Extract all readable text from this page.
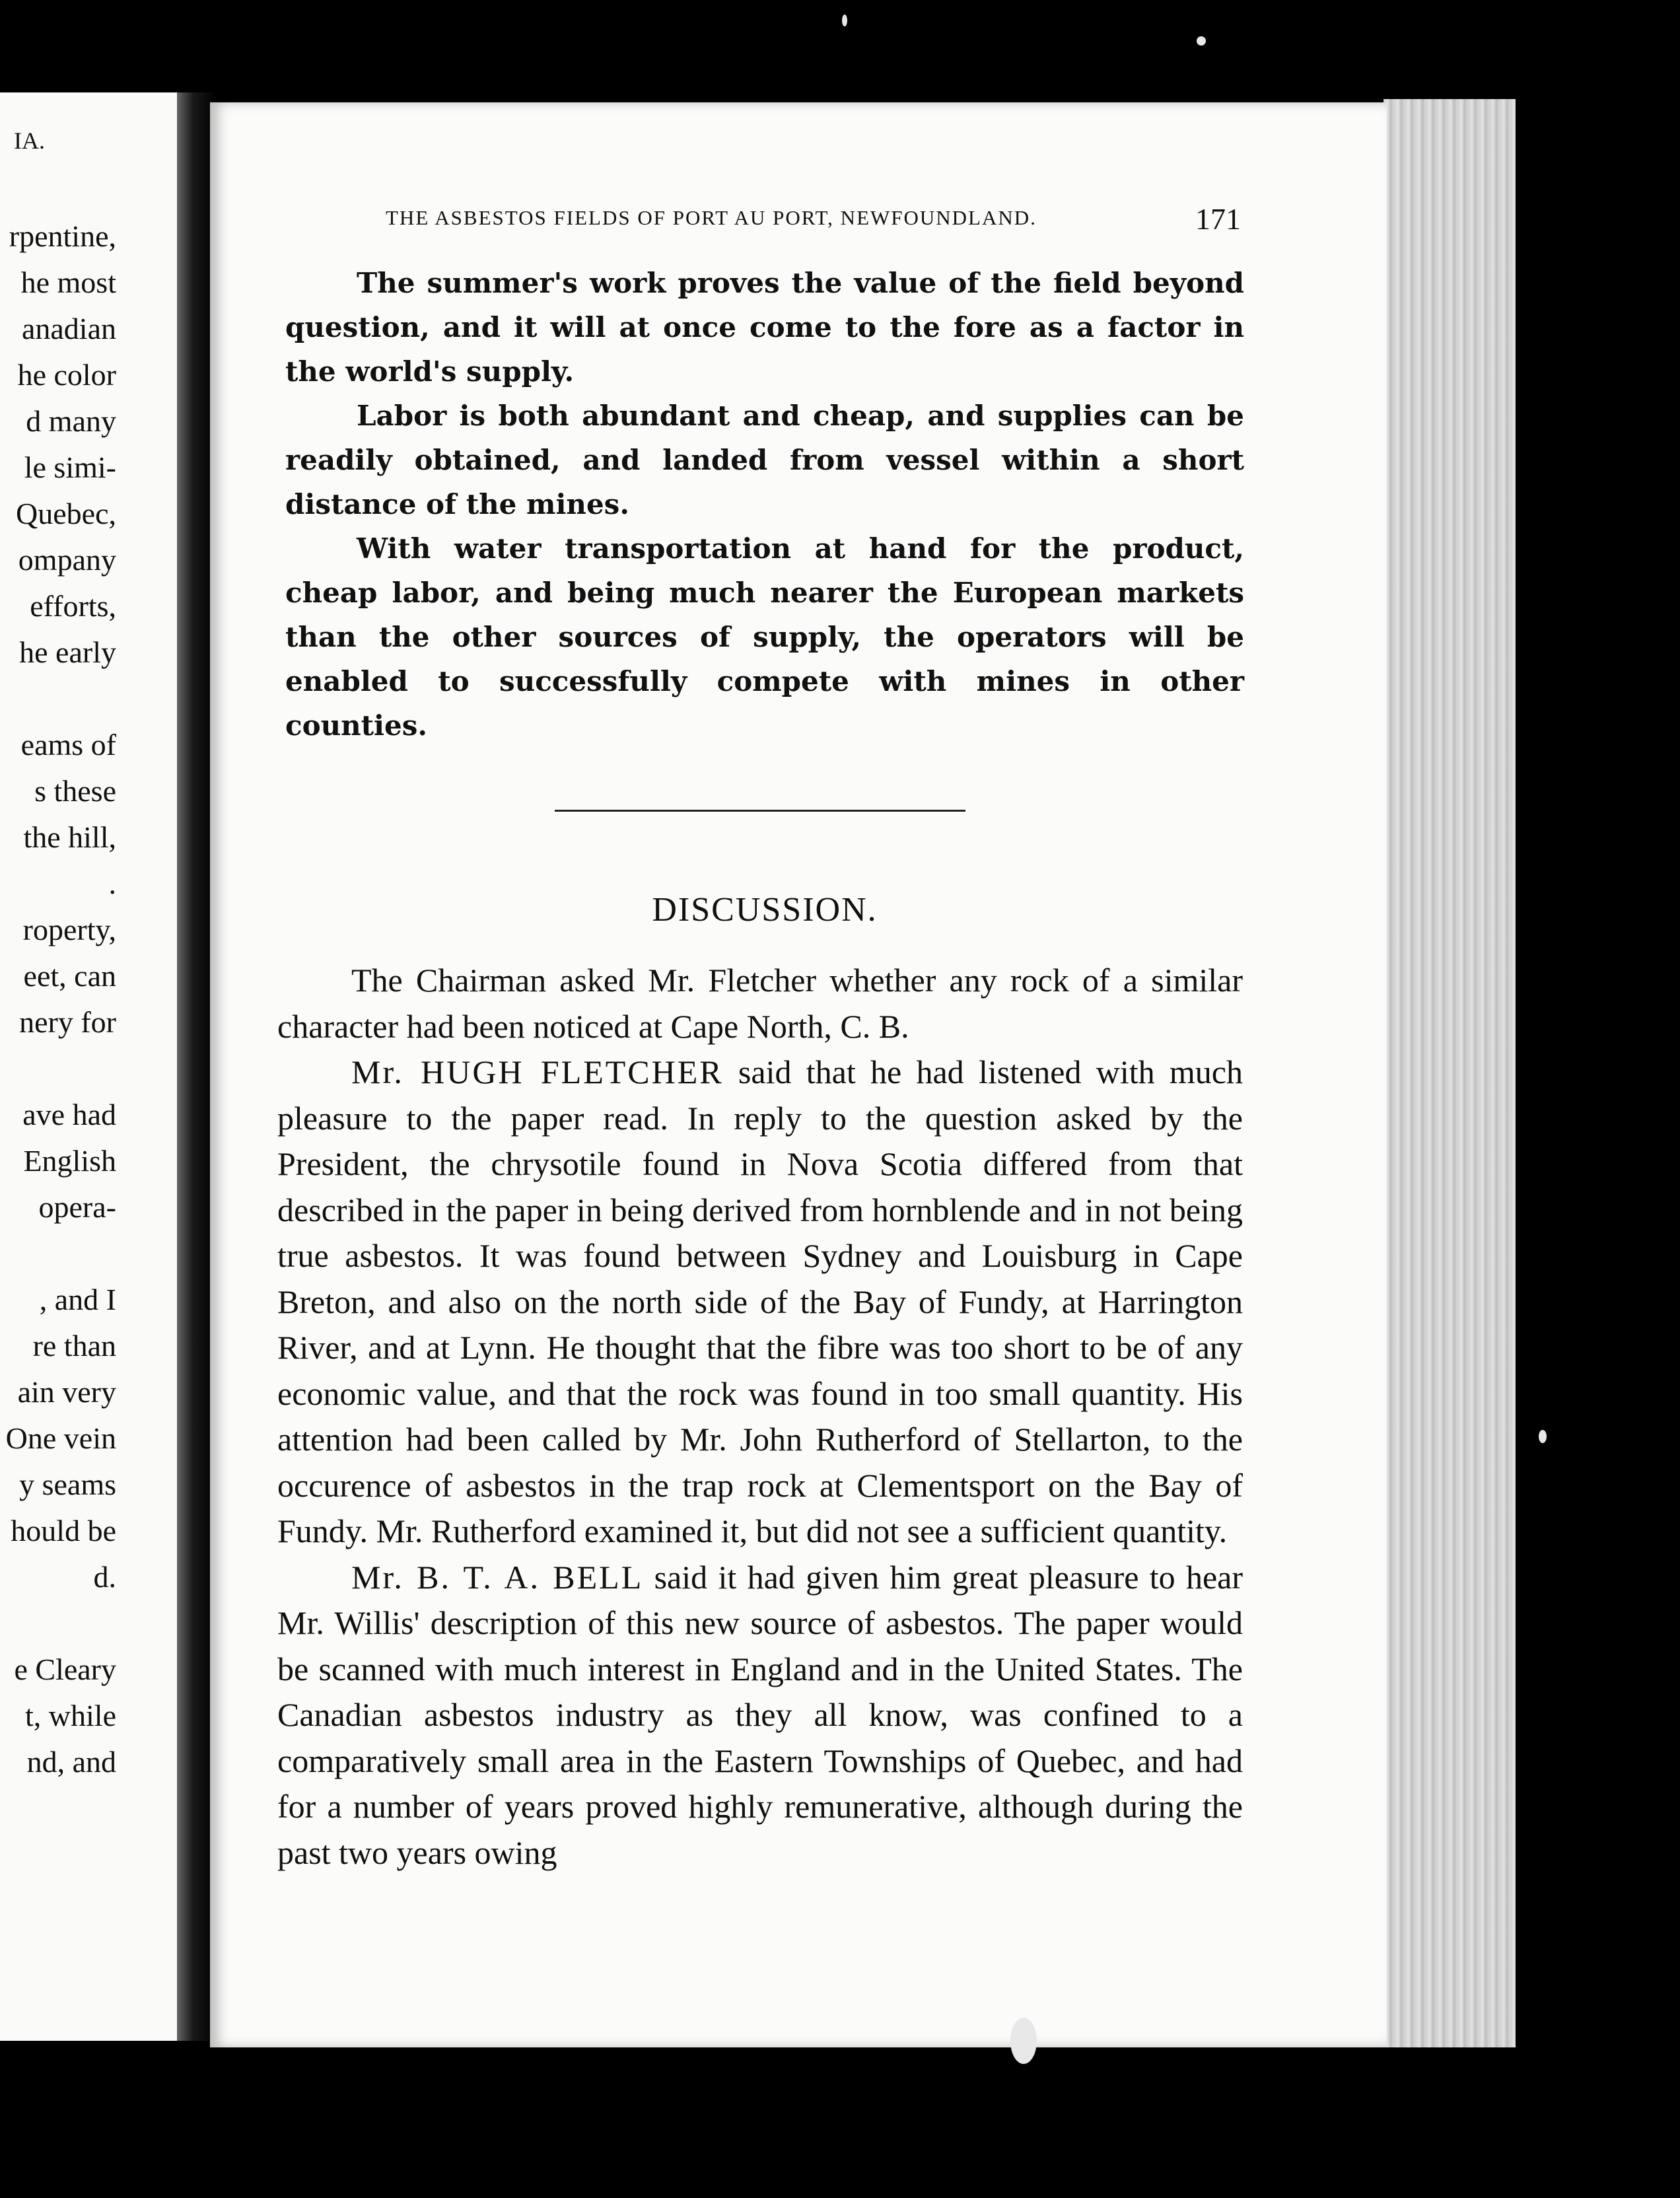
IA.
rpentine,
he most
anadian
he color
d many
le simi-
Quebec,
ompany
efforts,
he early
eams of
s these
the hill,
.
roperty,
eet, can
nery for
ave had
English
opera-
, and I
re than
ain very
One vein
y seams
hould be
d.
e Cleary
t, while
nd, and
THE ASBESTOS FIELDS OF PORT AU PORT, NEWFOUNDLAND.	171

The summer's work proves the value of the field beyond question, and it will at once come to the fore as a factor in the world's supply.

Labor is both abundant and cheap, and supplies can be readily obtained, and landed from vessel within a short distance of the mines.

With water transportation at hand for the product, cheap labor, and being much nearer the European markets than the other sources of supply, the operators will be enabled to successfully compete with mines in other counties.

DISCUSSION.

The Chairman asked Mr. Fletcher whether any rock of a similar character had been noticed at Cape North, C. B.

Mr. HUGH FLETCHER said that he had listened with much pleasure to the paper read. In reply to the question asked by the President, the chrysotile found in Nova Scotia differed from that described in the paper in being derived from hornblende and in not being true asbestos. It was found between Sydney and Louisburg in Cape Breton, and also on the north side of the Bay of Fundy, at Harrington River, and at Lynn. He thought that the fibre was too short to be of any economic value, and that the rock was found in too small quantity. His attention had been called by Mr. John Rutherford of Stellarton, to the occurence of asbestos in the trap rock at Clementsport on the Bay of Fundy. Mr. Rutherford examined it, but did not see a sufficient quantity.

Mr. B. T. A. BELL said it had given him great pleasure to hear Mr. Willis' description of this new source of asbestos. The paper would be scanned with much interest in England and in the United States. The Canadian asbestos industry as they all know, was confined to a comparatively small area in the Eastern Townships of Quebec, and had for a number of years proved highly remunerative, although during the past two years owing
